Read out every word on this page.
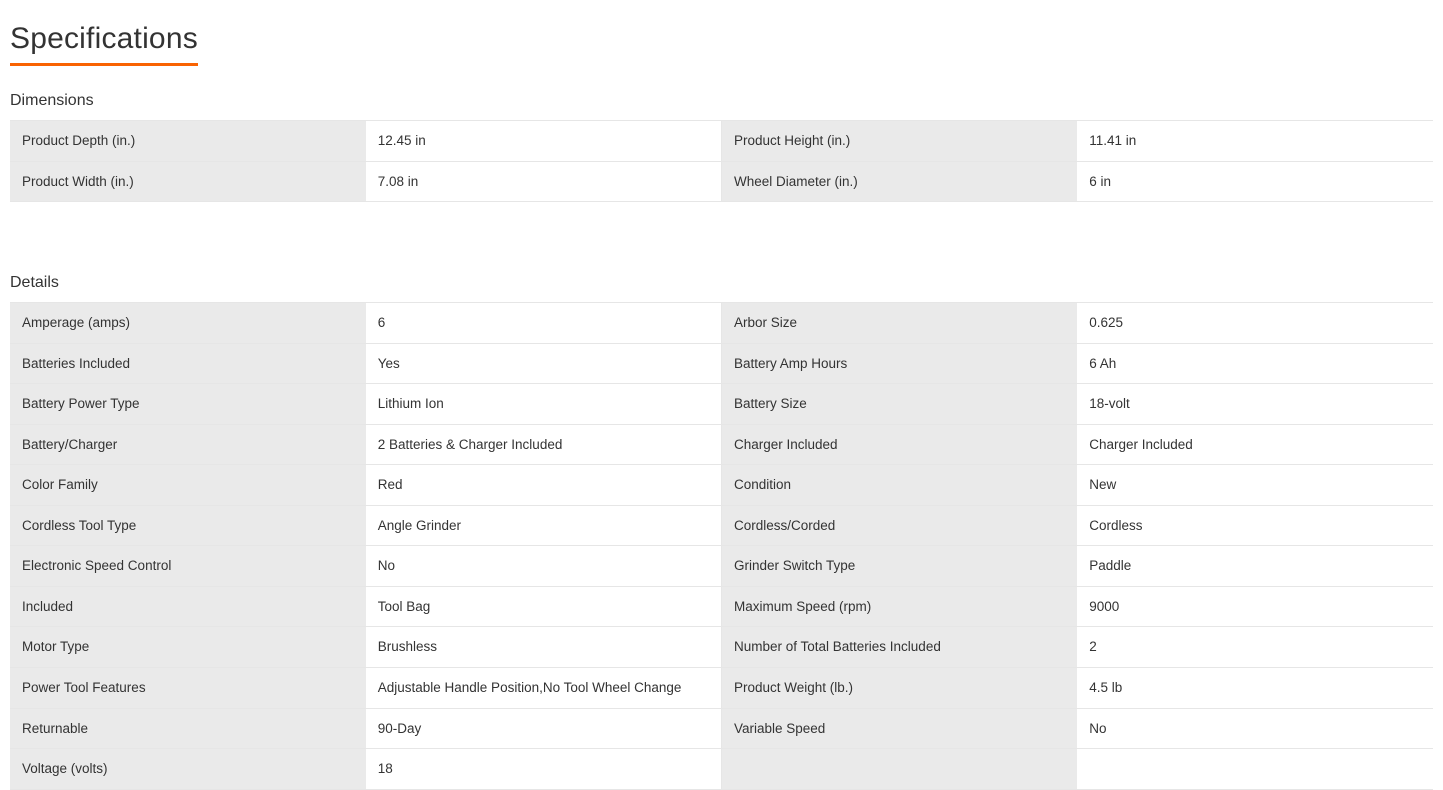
Specifications
Dimensions
Product Depth (in.)	12.45 in	Product Height (in.)	11.41 in
Product Width (in.)	7.08 in	Wheel Diameter (in.)	6 in
Details
Amperage (amps)	6	Arbor Size	0.625
Batteries Included	Yes	Battery Amp Hours	6 Ah
Battery Power Type	Lithium Ion	Battery Size	18-volt
Battery/Charger	2 Batteries & Charger Included	Charger Included	Charger Included
Color Family	Red	Condition	New
Cordless Tool Type	Angle Grinder	Cordless/Corded	Cordless
Electronic Speed Control	No	Grinder Switch Type	Paddle
Included	Tool Bag	Maximum Speed (rpm)	9000
Motor Type	Brushless	Number of Total Batteries Included	2
Power Tool Features	Adjustable Handle Position,No Tool Wheel Change	Product Weight (lb.)	4.5 lb
Returnable	90-Day	Variable Speed	No
Voltage (volts)	18		
